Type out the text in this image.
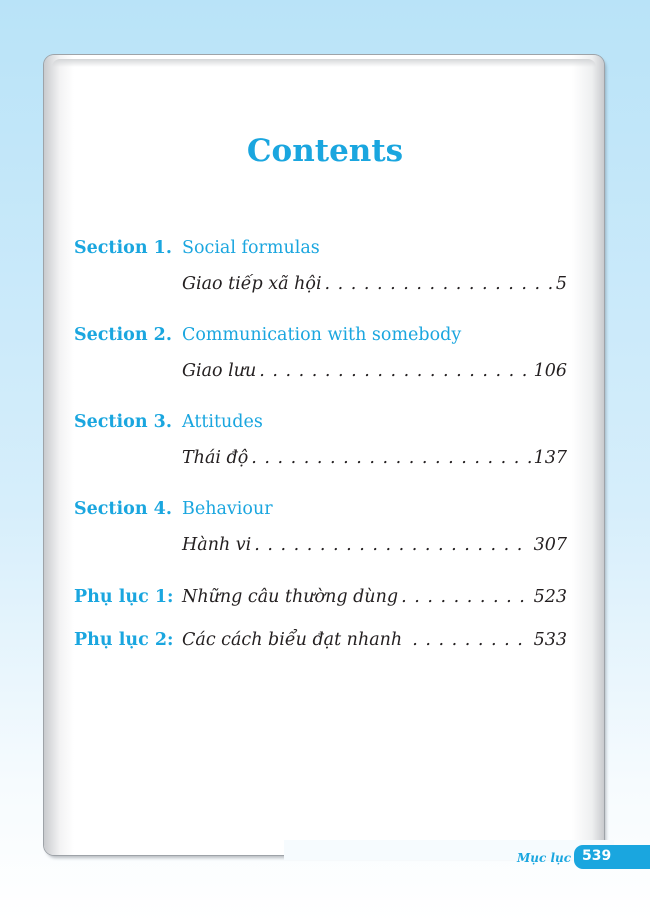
Contents
Section 1. Social formulas
Giao tiếp xã hội . . .	5
Section 2. Communication with somebody
Giao lưu . . .	106
Section 3. Attitudes
Thái độ . . .	137
Section 4. Behaviour
Hành vi . . .	307
Phụ lục 1: Những câu thường dùng . . .	523
Phụ lục 2: Các cách biểu đạt nhanh . . .	533
Mục lục 539
